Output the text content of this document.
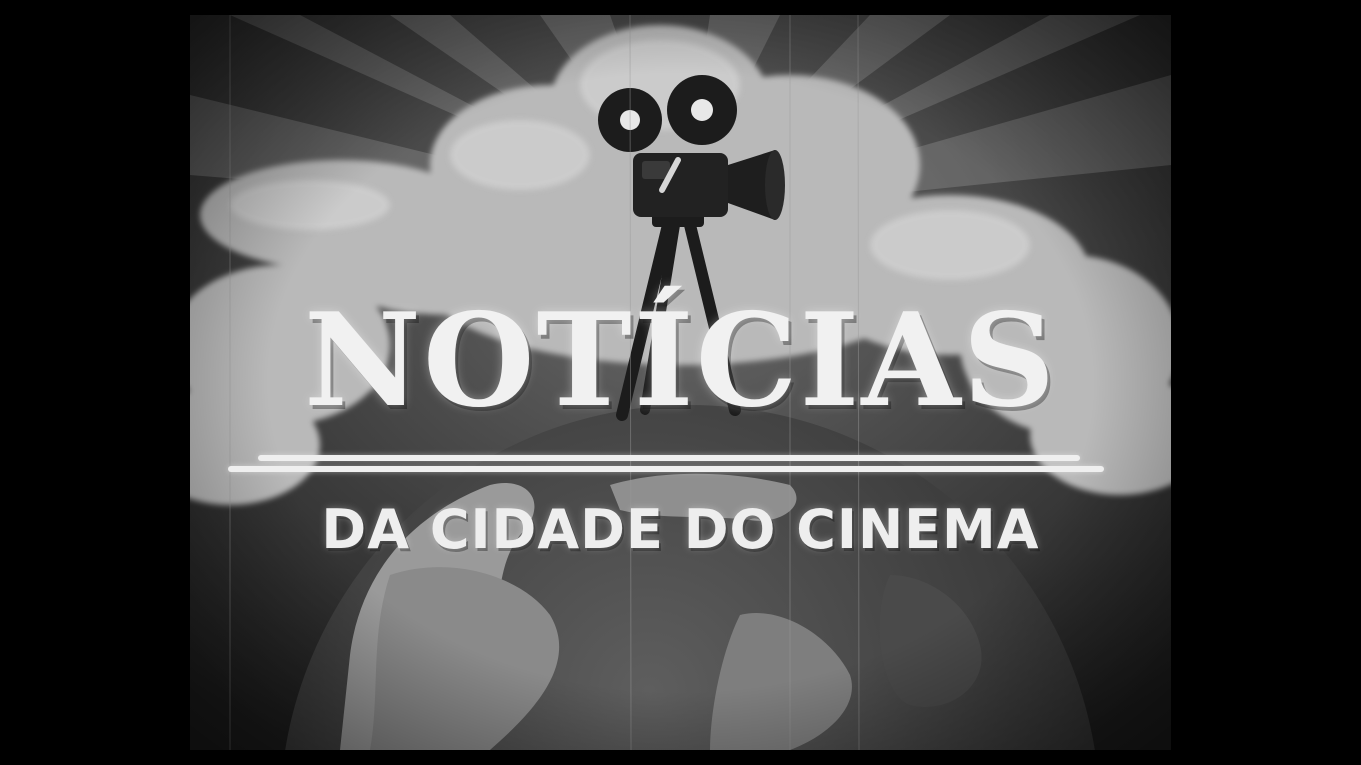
NOTÍCIAS
DA CIDADE DO CINEMA
